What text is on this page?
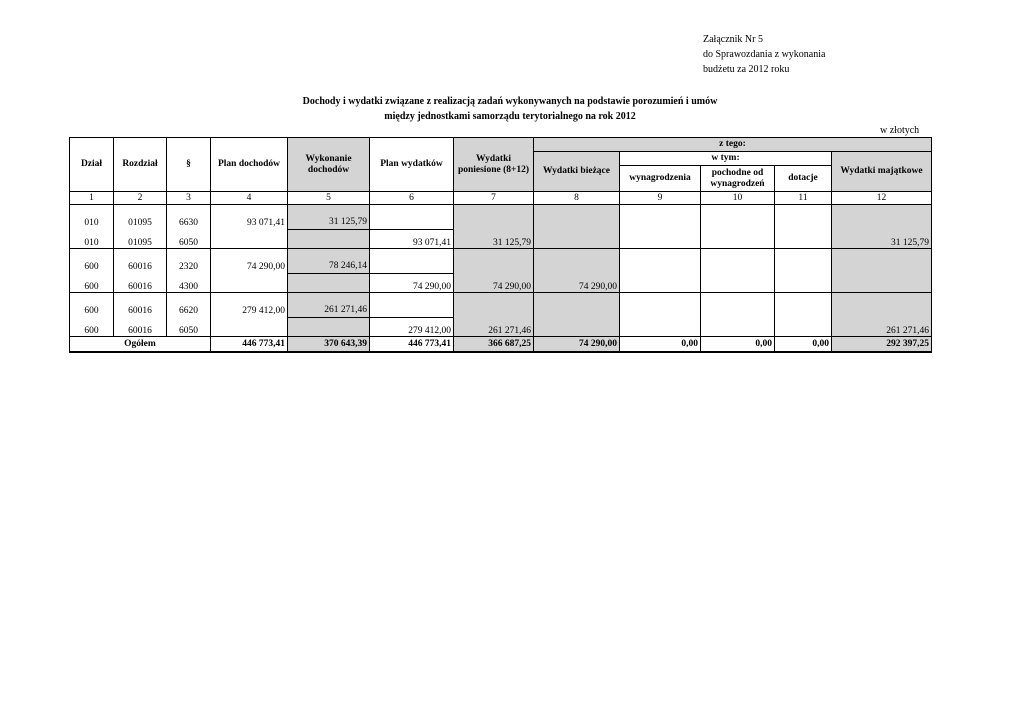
Załącznik Nr 5
do Sprawozdania z wykonania
budżetu za 2012 roku
Dochody i wydatki związane z realizacją zadań wykonywanych na podstawie porozumień i umów
między jednostkami samorządu terytorialnego na rok 2012
w złotych
Dział	Rozdział	§	Plan dochodów	Wykonanie dochodów	Plan wydatków	Wydatki poniesione (8+12)	z tego:				
							Wydatki bieżące	w tym:			Wydatki majątkowe
								wynagrodzenia	pochodne od wynagrodzeń	dotacje	
1	2	3	4	5	6	7	8	9	10	11	12
010	01095	6630	93 071,41	31 125,79							
010	01095	6050			93 071,41	31 125,79					31 125,79
600	60016	2320	74 290,00	78 246,14							
600	60016	4300			74 290,00	74 290,00	74 290,00				
600	60016	6620	279 412,00	261 271,46							
600	60016	6050			279 412,00	261 271,46					261 271,46
Ogółem			446 773,41	370 643,39	446 773,41	366 687,25	74 290,00	0,00	0,00	0,00	292 397,25
